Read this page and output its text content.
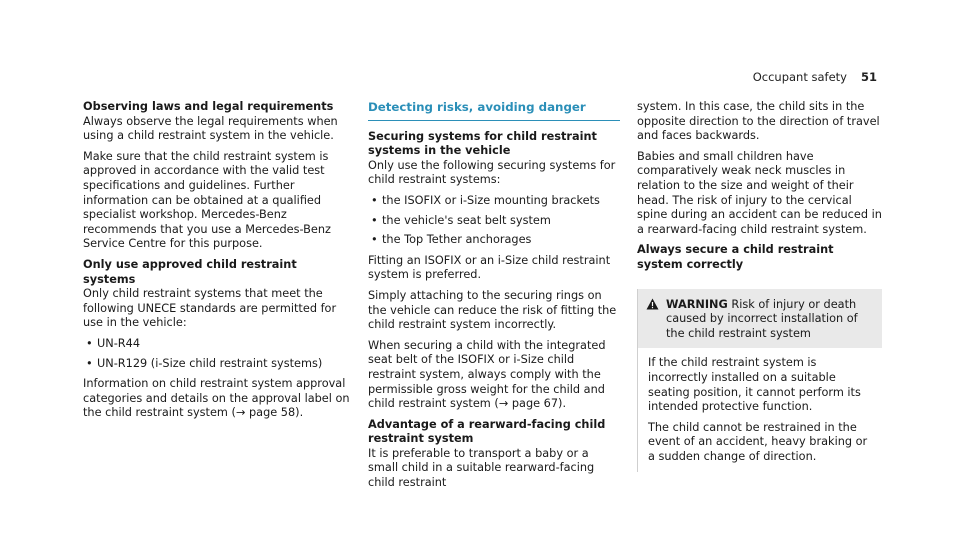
Occupant safety 51
Observing laws and legal requirements

Always observe the legal requirements when using a child restraint system in the vehicle.

Make sure that the child restraint system is approved in accordance with the valid test specifications and guidelines. Further information can be obtained at a qualified specialist workshop. Mercedes-Benz recommends that you use a Mercedes-Benz Service Centre for this purpose.

Only use approved child restraint systems

Only child restraint systems that meet the following UNECE standards are permitted for use in the vehicle:

• UN-R44
• UN-R129 (i-Size child restraint systems)

Information on child restraint system approval categories and details on the approval label on the child restraint system (→ page 58).

Detecting risks, avoiding danger
Securing systems for child restraint systems in the vehicle

Only use the following securing systems for child restraint systems:

• the ISOFIX or i-Size mounting brackets
• the vehicle's seat belt system
• the Top Tether anchorages

Fitting an ISOFIX or an i-Size child restraint system is preferred.

Simply attaching to the securing rings on the vehicle can reduce the risk of fitting the child restraint system incorrectly.

When securing a child with the integrated seat belt of the ISOFIX or i-Size child restraint system, always comply with the permissible gross weight for the child and child restraint system (→ page 67).

Advantage of a rearward-facing child restraint system

It is preferable to transport a baby or a small child in a suitable rearward-facing child restraint

system. In this case, the child sits in the opposite direction to the direction of travel and faces backwards.

Babies and small children have comparatively weak neck muscles in relation to the size and weight of their head. The risk of injury to the cervical spine during an accident can be reduced in a rearward-facing child restraint system.

Always secure a child restraint system correctly
WARNING Risk of injury or death caused by incorrect installation of the child restraint system

If the child restraint system is incorrectly installed on a suitable seating position, it cannot perform its intended protective function.

The child cannot be restrained in the event of an accident, heavy braking or a sudden change of direction.
